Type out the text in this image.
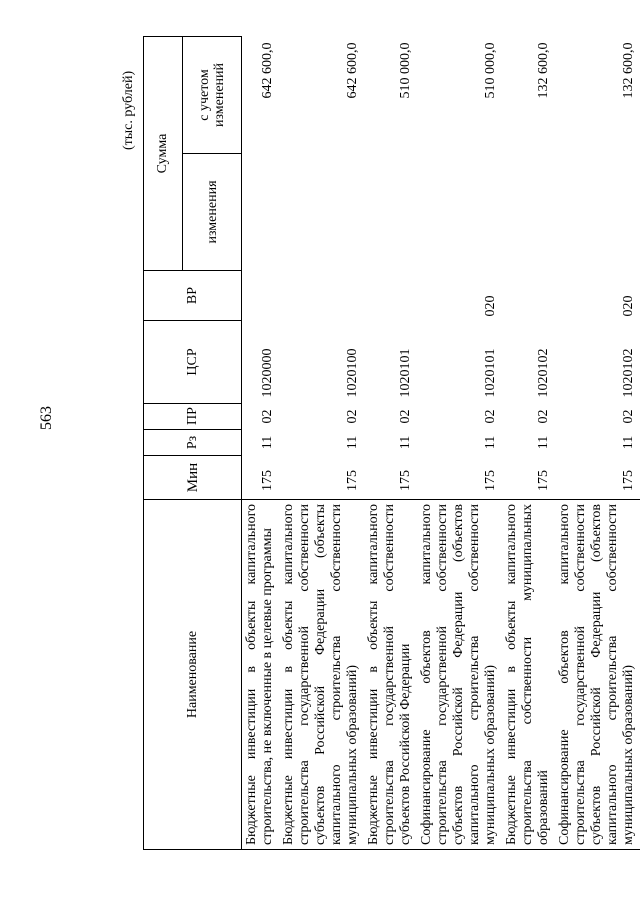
563
(тыс. рублей)
Наименование	Мин	Рз	ПР	ЦСР	ВР	Сумма	
						изменения	с учетом изменений
Бюджетные инвестиции в объекты капитального строительства, не включенные в целевые программы	175	11	02	1020000			642 600,0
Бюджетные инвестиции в объекты капитального строительства государственной собственности субъектов Российской Федерации (объекты капитального строительства собственности муниципальных образований)	175	11	02	1020100			642 600,0
Бюджетные инвестиции в объекты капитального строительства государственной собственности субъектов Российской Федерации	175	11	02	1020101			510 000,0
Софинансирование объектов капитального строительства государственной собственности субъектов Российской Федерации (объектов капитального строительства собственности муниципальных образований)	175	11	02	1020101	020		510 000,0
Бюджетные инвестиции в объекты капитального строительства собственности муниципальных образований	175	11	02	1020102			132 600,0
Софинансирование объектов капитального строительства государственной собственности субъектов Российской Федерации (объектов капитального строительства собственности муниципальных образований)	175	11	02	1020102	020		132 600,0
